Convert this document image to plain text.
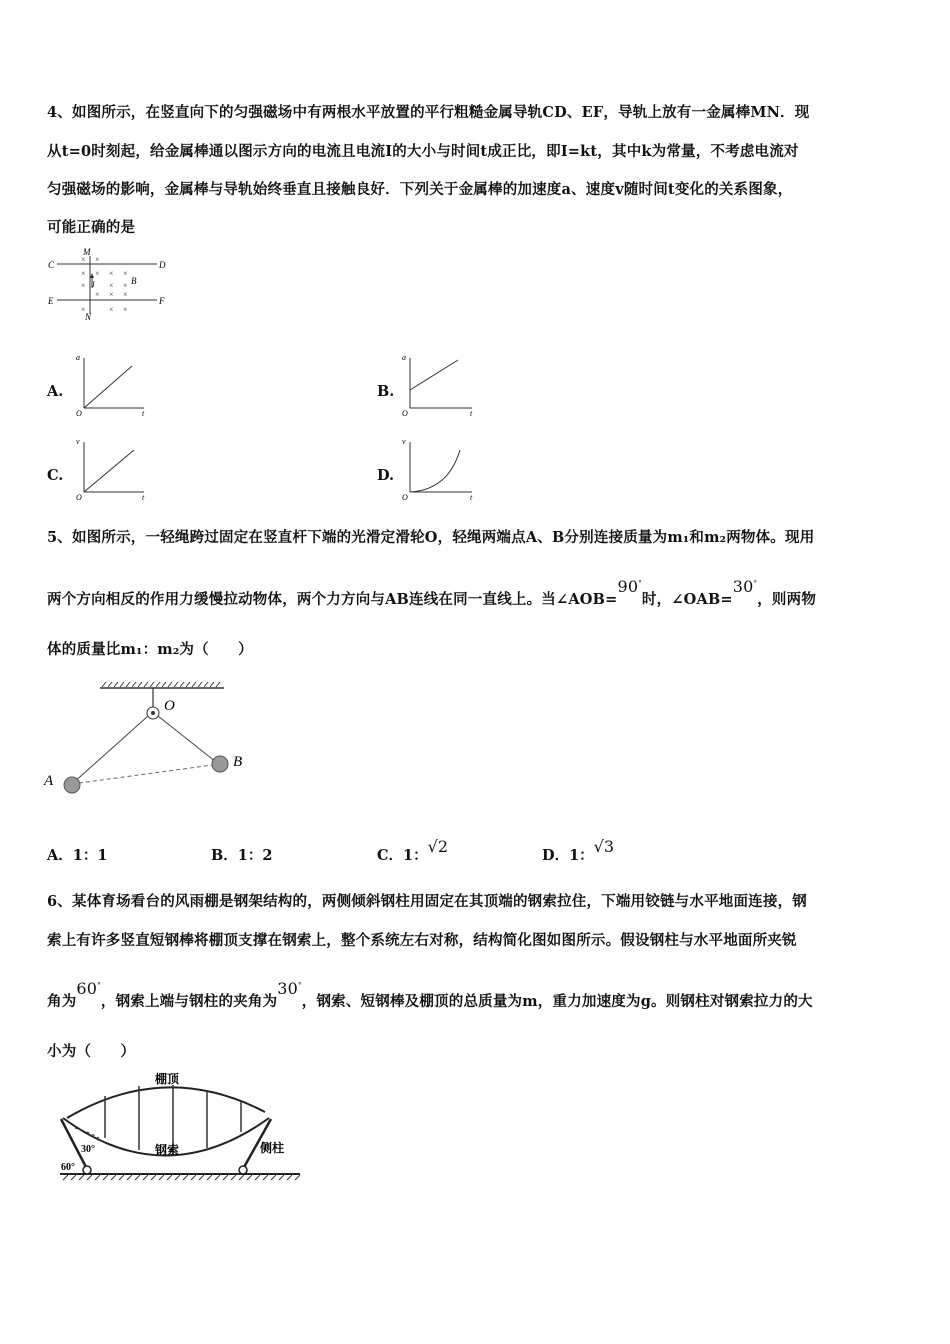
4、如图所示，在竖直向下的匀强磁场中有两根水平放置的平行粗糙金属导轨CD、EF，导轨上放有一金属棒MN．现
从t=0时刻起，给金属棒通以图示方向的电流且电流I的大小与时间t成正比，即I=kt，其中k为常量，不考虑电流对
匀强磁场的影响，金属棒与导轨始终垂直且接触良好．下列关于金属棒的加速度a、速度v随时间t变化的关系图象，
可能正确的是
C	D
E	F
M
N
B
I
× ×
× × × ×
×	× ×
× × ×
×	× ×
A.
a
O	t
B.
a
O	t
C.
v
O	t
D.
v
O	t
5、如图所示，一轻绳跨过固定在竖直杆下端的光滑定滑轮O，轻绳两端点A、B分别连接质量为m₁和m₂两物体。现用
两个方向相反的作用力缓慢拉动物体，两个力方向与AB连线在同一直线上。当∠AOB=90°时，∠OAB=30°，则两物
体的质量比m₁：m₂为（　　）
O
A
B
A．1：1	B．1：2	C．1：√2	D．1：√3
6、某体育场看台的风雨棚是钢架结构的，两侧倾斜钢柱用固定在其顶端的钢索拉住，下端用铰链与水平地面连接，钢
索上有许多竖直短钢棒将棚顶支撑在钢索上，整个系统左右对称，结构简化图如图所示。假设钢柱与水平地面所夹锐
角为60°，钢索上端与钢柱的夹角为30°，钢索、短钢棒及棚顶的总质量为m，重力加速度为g。则钢柱对钢索拉力的大
小为（　　）
棚顶
钢索	侧柱
30°
60°
